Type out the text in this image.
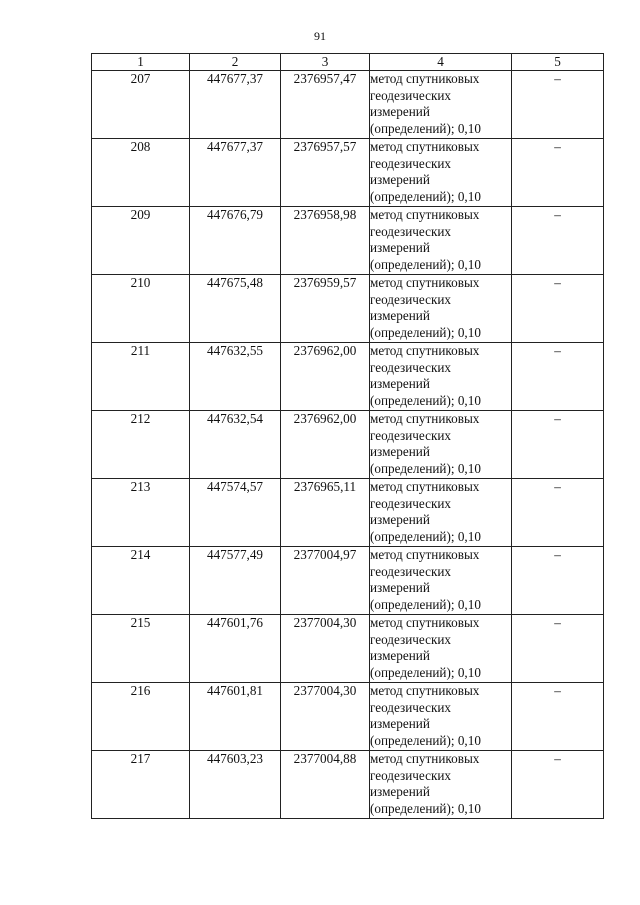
91
1	2	3	4	5
207	447677,37	2376957,47	метод спутниковых
геодезических
измерений
(определений); 0,10	–
208	447677,37	2376957,57	метод спутниковых
геодезических
измерений
(определений); 0,10	–
209	447676,79	2376958,98	метод спутниковых
геодезических
измерений
(определений); 0,10	–
210	447675,48	2376959,57	метод спутниковых
геодезических
измерений
(определений); 0,10	–
211	447632,55	2376962,00	метод спутниковых
геодезических
измерений
(определений); 0,10	–
212	447632,54	2376962,00	метод спутниковых
геодезических
измерений
(определений); 0,10	–
213	447574,57	2376965,11	метод спутниковых
геодезических
измерений
(определений); 0,10	–
214	447577,49	2377004,97	метод спутниковых
геодезических
измерений
(определений); 0,10	–
215	447601,76	2377004,30	метод спутниковых
геодезических
измерений
(определений); 0,10	–
216	447601,81	2377004,30	метод спутниковых
геодезических
измерений
(определений); 0,10	–
217	447603,23	2377004,88	метод спутниковых
геодезических
измерений
(определений); 0,10	–
